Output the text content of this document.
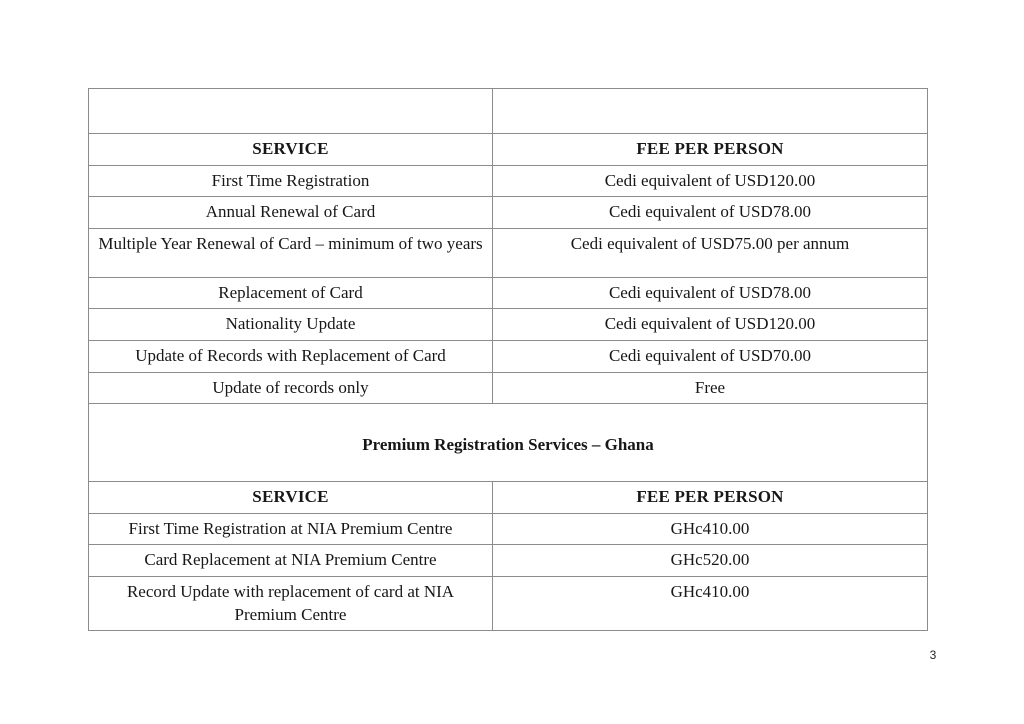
SERVICE	FEE PER PERSON
First Time Registration	Cedi equivalent of USD120.00
Annual Renewal of Card	Cedi equivalent of USD78.00
Multiple Year Renewal of Card – minimum of two years	Cedi equivalent of USD75.00 per annum
Replacement of Card	Cedi equivalent of USD78.00
Nationality Update	Cedi equivalent of USD120.00
Update of Records with Replacement of Card	Cedi equivalent of USD70.00
Update of records only	Free
Premium Registration Services – Ghana	
SERVICE	FEE PER PERSON
First Time Registration at NIA Premium Centre	GHc410.00
Card Replacement at NIA Premium Centre	GHc520.00
Record Update with replacement of card at NIA Premium Centre	GHc410.00
3
